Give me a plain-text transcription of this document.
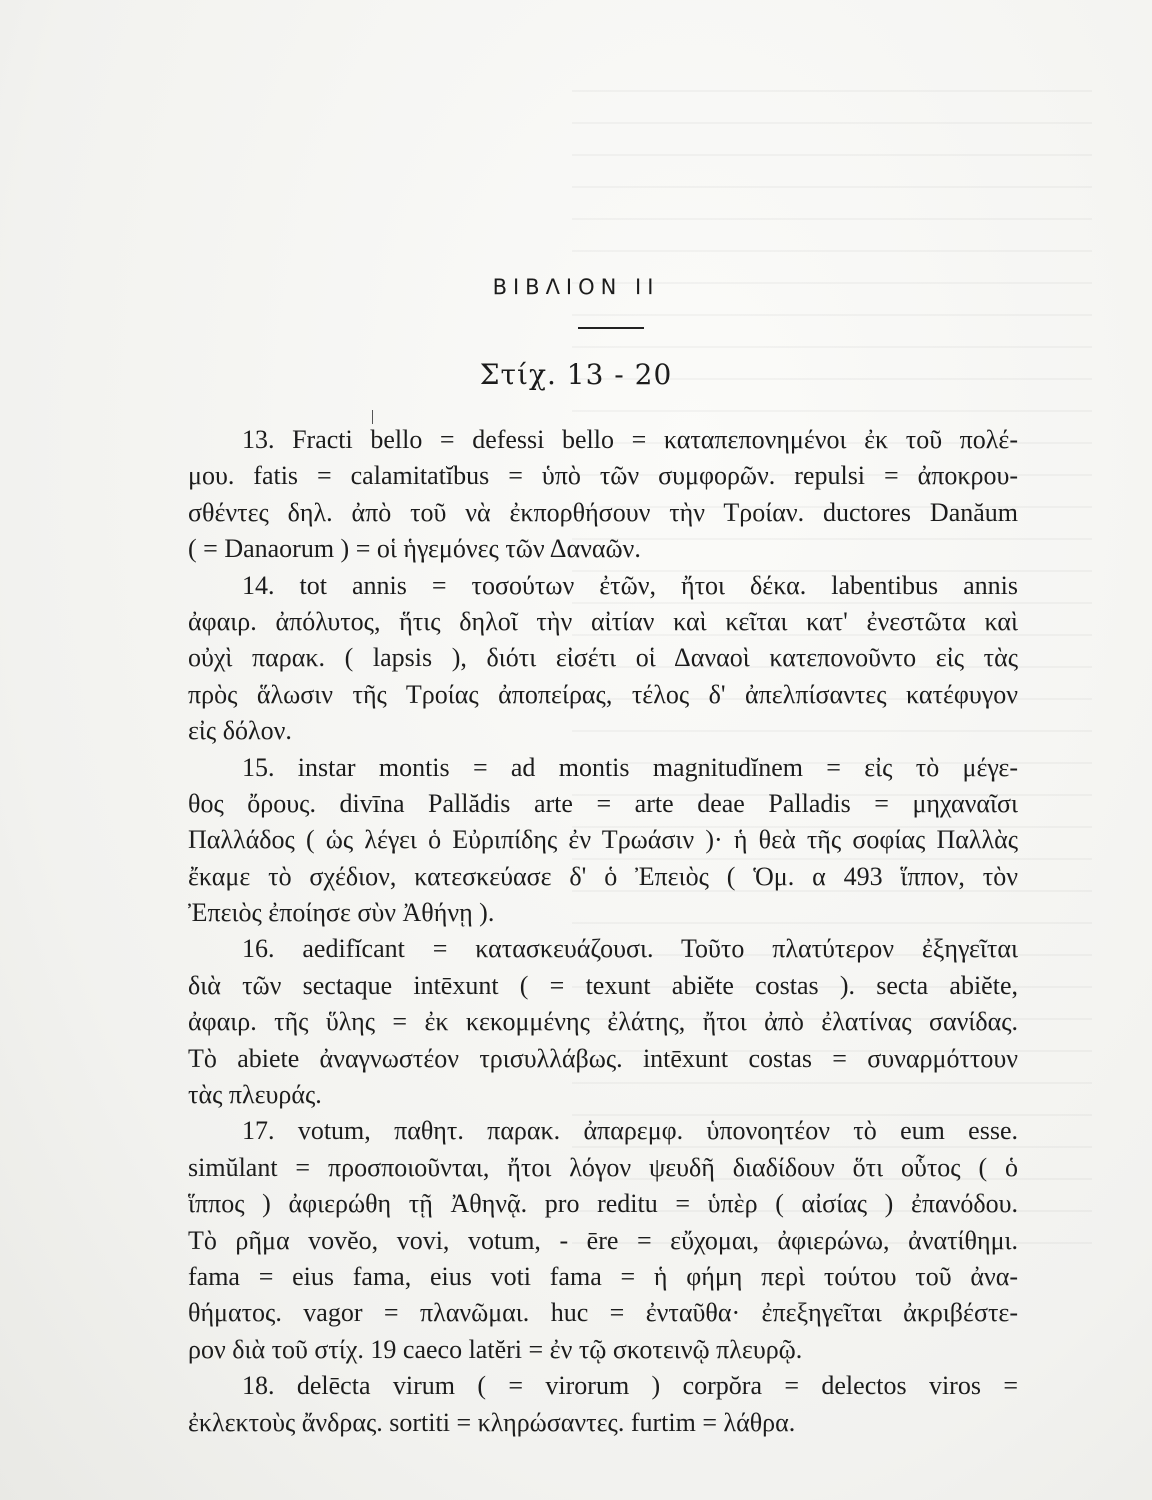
ΒΙΒΛΙΟΝ ΙΙ
Στίχ. 13 - 20
13. Fracti bello = defessi bello = καταπεπονημένοι ἐκ τοῦ πολέ-
μου. fatis = calamitatĭbus = ὑπὸ τῶν συμφορῶν. repulsi = ἀποκρου-
σθέντες δηλ. ἀπὸ τοῦ νὰ ἐκπορθήσουν τὴν Τροίαν. ductores Danăum
( = Danaorum ) = οἱ ἡγεμόνες τῶν Δαναῶν.
14. tot annis = τοσούτων ἐτῶν, ἤτοι δέκα. labentibus annis
ἀφαιρ. ἀπόλυτος, ἥτις δηλοῖ τὴν αἰτίαν καὶ κεῖται κατ' ἐνεστῶτα καὶ
οὐχὶ παρακ. ( lapsis ), διότι εἰσέτι οἱ Δαναοὶ κατεπονοῦντο εἰς τὰς
πρὸς ἅλωσιν τῆς Τροίας ἀποπείρας, τέλος δ' ἀπελπίσαντες κατέφυγον
εἰς δόλον.
15. instar montis = ad montis magnitudĭnem = εἰς τὸ μέγε-
θος ὄρους. divīna Pallădis arte = arte deae Palladis = μηχαναῖσι
Παλλάδος ( ὡς λέγει ὁ Εὐριπίδης ἐν Τρωάσιν )· ἡ θεὰ τῆς σοφίας Παλλὰς
ἔκαμε τὸ σχέδιον, κατεσκεύασε δ' ὁ Ἐπειὸς ( Ὁμ. α 493 ἵππον, τὸν
Ἐπειὸς ἐποίησε σὺν Ἀθήνῃ ).
16. aedifĭcant = κατασκευάζουσι. Τοῦτο πλατύτερον ἐξηγεῖται
διὰ τῶν sectaque intēxunt ( = texunt abiĕte costas ). secta abiĕte,
ἀφαιρ. τῆς ὕλης = ἐκ κεκομμένης ἐλάτης, ἤτοι ἀπὸ ἐλατίνας σανίδας.
Τὸ abiete ἀναγνωστέον τρισυλλάβως. intēxunt costas = συναρμόττουν
τὰς πλευράς.
17. votum, παθητ. παρακ. ἀπαρεμφ. ὑπονοητέον τὸ eum esse.
simŭlant = προσποιοῦνται, ἤτοι λόγον ψευδῆ διαδίδουν ὅτι οὗτος ( ὁ
ἵππος ) ἀφιερώθη τῇ Ἀθηνᾷ. pro reditu = ὑπὲρ ( αἰσίας ) ἐπανόδου.
Τὸ ρῆμα vovĕo, vovi, votum, - ēre = εὔχομαι, ἀφιερώνω, ἀνατίθημι.
fama = eius fama, eius voti fama = ἡ φήμη περὶ τούτου τοῦ ἀνα-
θήματος. vagor = πλανῶμαι. huc = ἐνταῦθα· ἐπεξηγεῖται ἀκριβέστε-
ρον διὰ τοῦ στίχ. 19 caeco latĕri = ἐν τῷ σκοτεινῷ πλευρῷ.
18. delēcta virum ( = virorum ) corpŏra = delectos viros =
ἐκλεκτοὺς ἄνδρας. sortiti = κληρώσαντες. furtim = λάθρα.
